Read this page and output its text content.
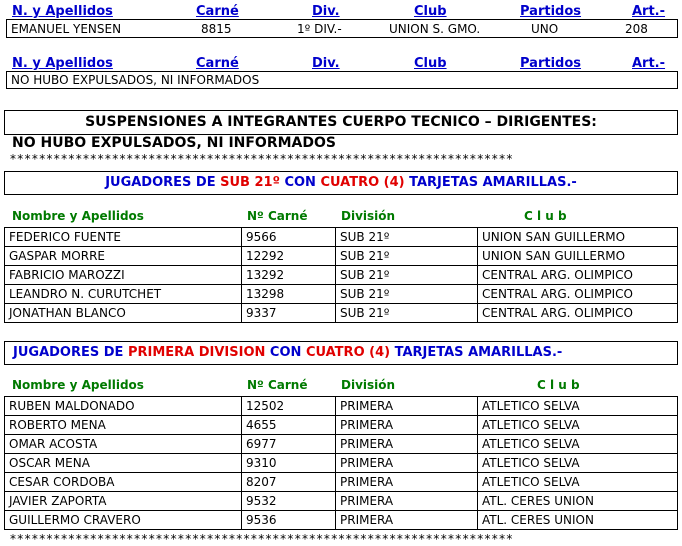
N. y Apellidos	Carné	Div.	Club	Partidos	Art.-
EMANUEL YENSEN	8815	1º DIV.-	UNION S. GMO.	UNO	208
N. y Apellidos	Carné	Div.	Club	Partidos	Art.-
NO HUBO EXPULSADOS, NI INFORMADOS
SUSPENSIONES A INTEGRANTES CUERPO TECNICO – DIRIGENTES:
NO HUBO EXPULSADOS, NI INFORMADOS
*********************************************************************
JUGADORES DE SUB 21º CON CUATRO (4) TARJETAS AMARILLAS.-
Nombre y Apellidos	Nº Carné	División	C l u b
FEDERICO FUENTE	9566	SUB 21º	UNION SAN GUILLERMO
GASPAR MORRE	12292	SUB 21º	UNION SAN GUILLERMO
FABRICIO MAROZZI	13292	SUB 21º	CENTRAL ARG. OLIMPICO
LEANDRO N. CURUTCHET	13298	SUB 21º	CENTRAL ARG. OLIMPICO
JONATHAN BLANCO	9337	SUB 21º	CENTRAL ARG. OLIMPICO
JUGADORES DE PRIMERA DIVISION CON CUATRO (4) TARJETAS AMARILLAS.-
Nombre y Apellidos	Nº Carné	División	C l u b
RUBEN MALDONADO	12502	PRIMERA	ATLETICO SELVA
ROBERTO MENA	4655	PRIMERA	ATLETICO SELVA
OMAR ACOSTA	6977	PRIMERA	ATLETICO SELVA
OSCAR MENA	9310	PRIMERA	ATLETICO SELVA
CESAR CORDOBA	8207	PRIMERA	ATLETICO SELVA
JAVIER ZAPORTA	9532	PRIMERA	ATL. CERES UNION
GUILLERMO CRAVERO	9536	PRIMERA	ATL. CERES UNION
*********************************************************************
